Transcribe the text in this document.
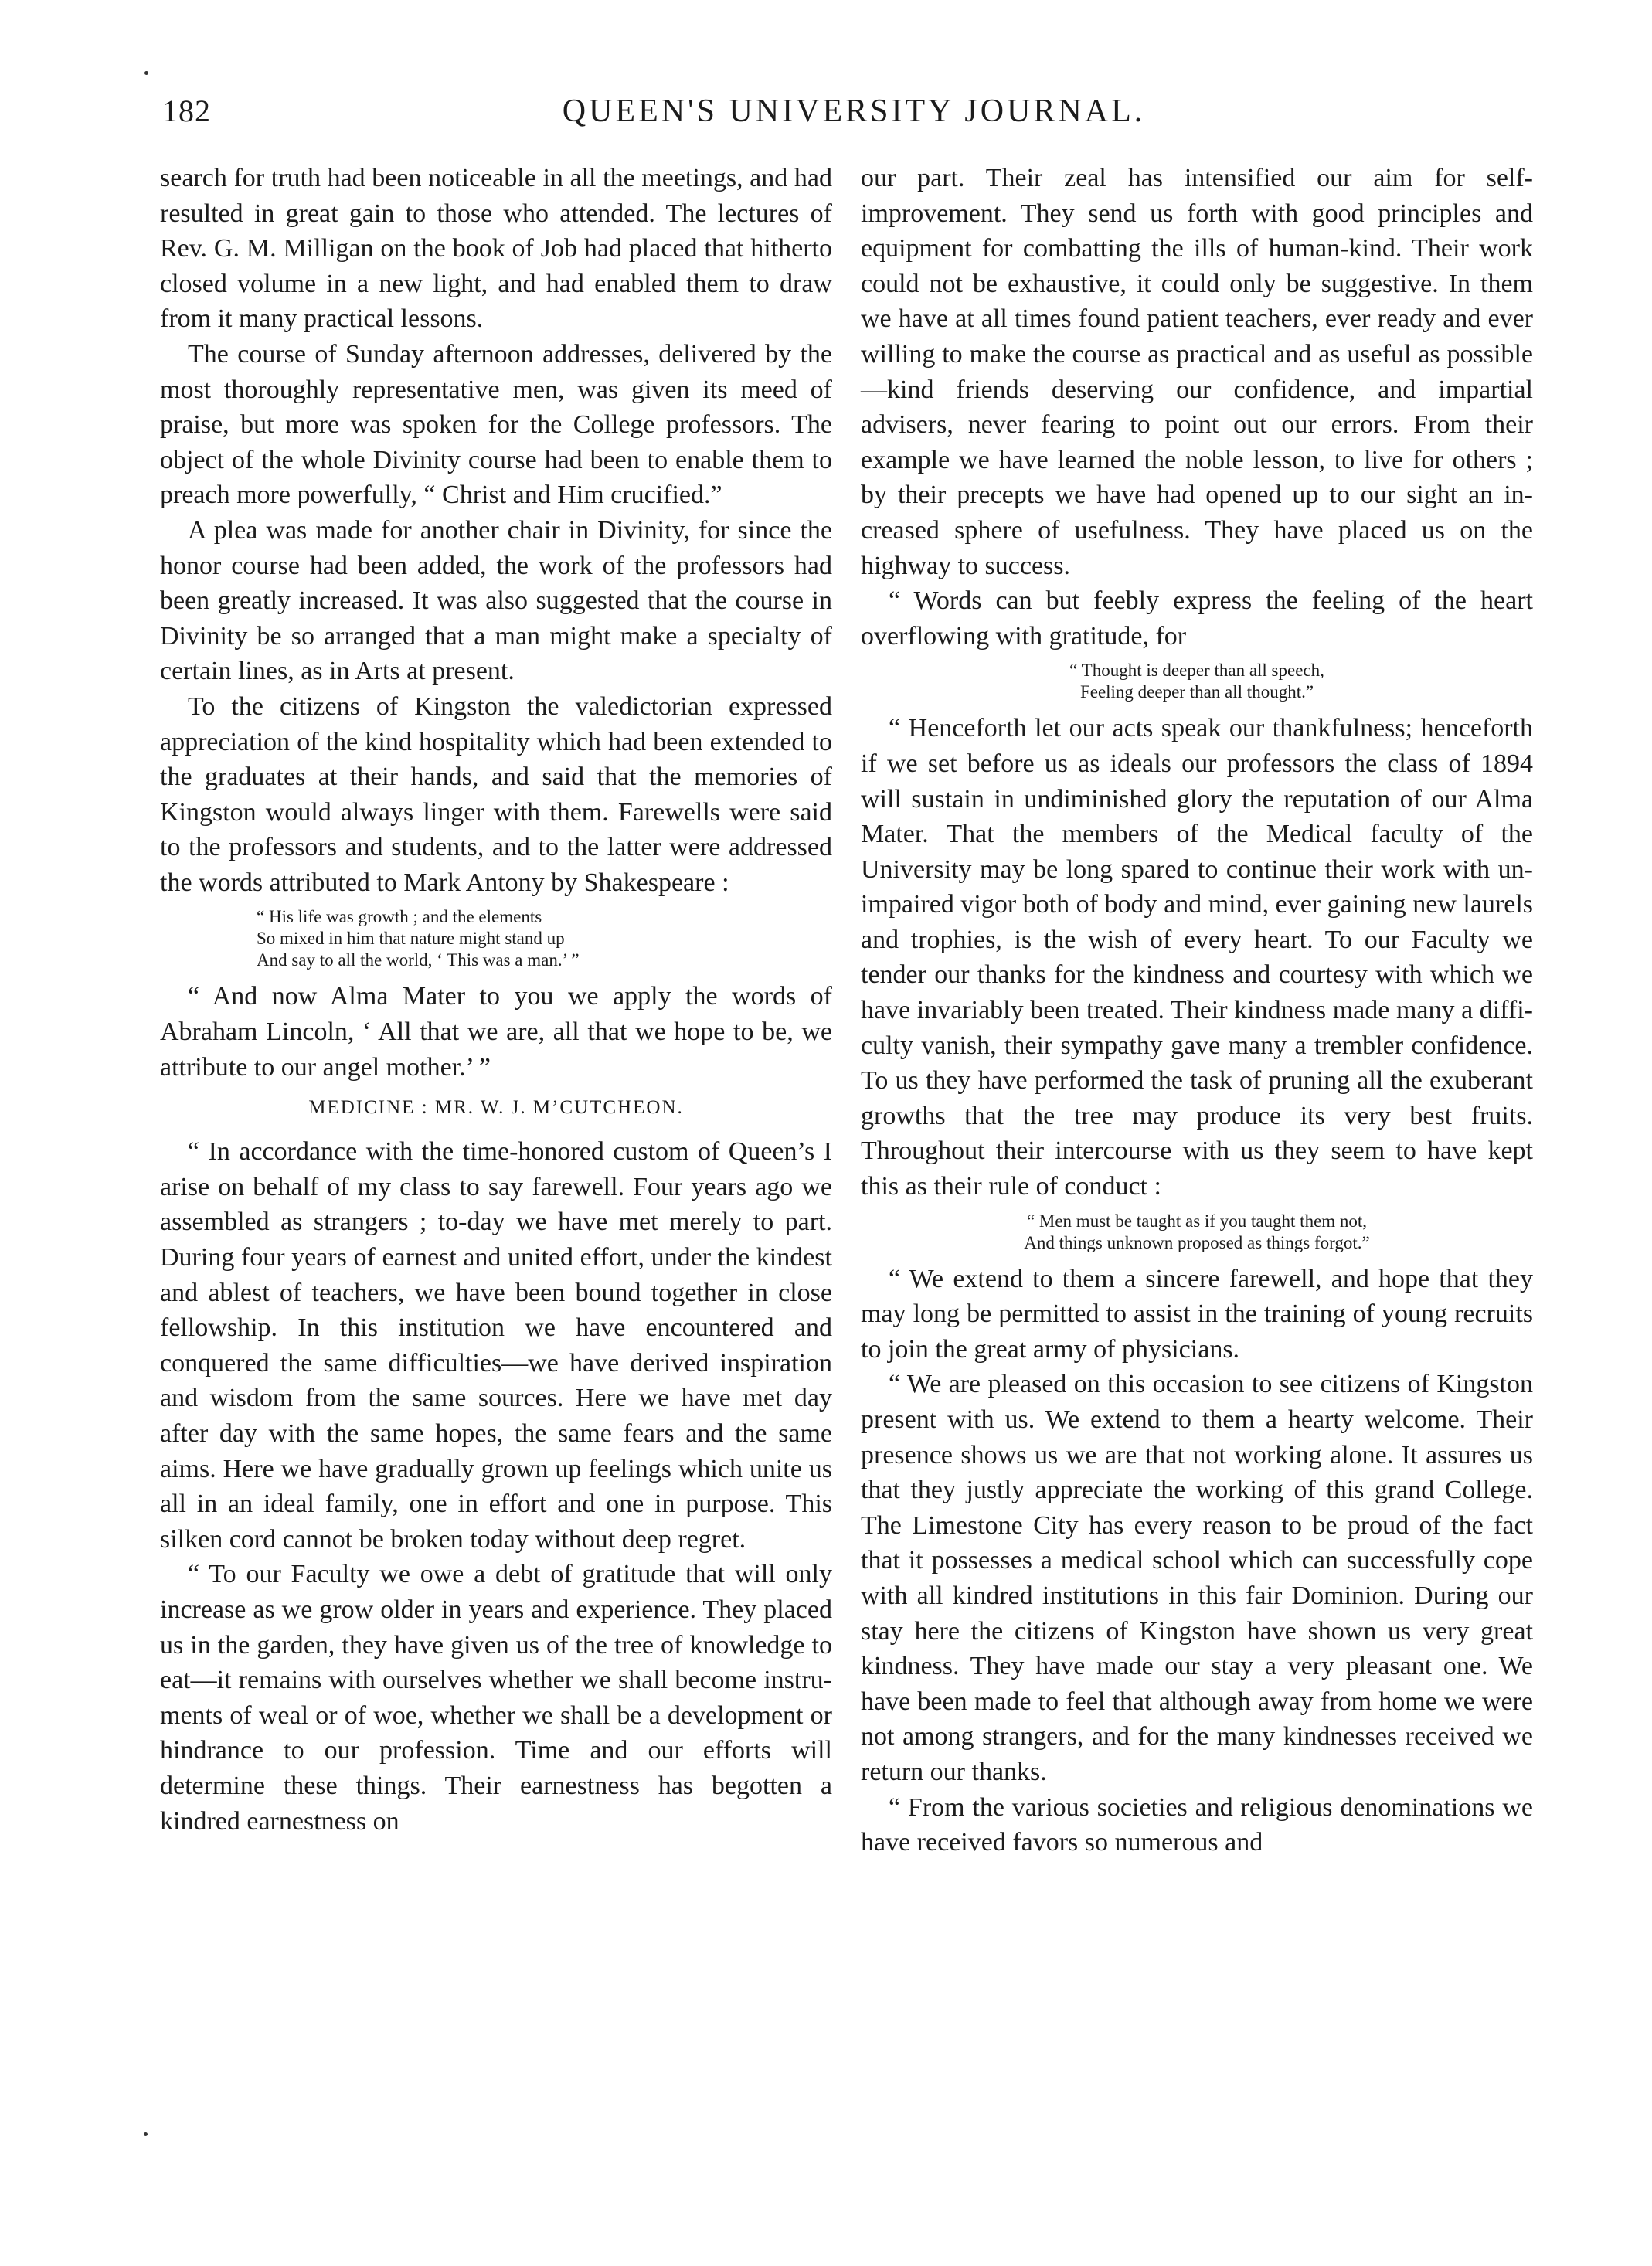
182	QUEEN'S UNIVERSITY JOURNAL.

search for truth had been noticeable in all the meetings, and had resulted in great gain to those who attended. The lectures of Rev. G. M. Milligan on the book of Job had placed that hitherto closed volume in a new light, and had enabled them to draw from it many practical lessons.

The course of Sunday afternoon addresses, delivered by the most thoroughly representative men, was given its meed of praise, but more was spoken for the College professors. The object of the whole Divinity course had been to enable them to preach more powerfully, “ Christ and Him crucified.”

A plea was made for another chair in Divinity, for since the honor course had been added, the work of the professors had been greatly increased. It was also suggested that the course in Divinity be so arranged that a man might make a specialty of certain lines, as in Arts at present.

To the citizens of Kingston the valedictorian expressed appreciation of the kind hospitality which had been extended to the graduates at their hands, and said that the memories of Kingston would always linger with them. Farewells were said to the professors and students, and to the latter were addressed the words attributed to Mark Antony by Shakespeare :

“ His life was growth ; and the elements
So mixed in him that nature might stand up
And say to all the world, ‘ This was a man.’ ”

“ And now Alma Mater to you we apply the words of Abraham Lincoln, ‘ All that we are, all that we hope to be, we attribute to our angel mother.’ ”

MEDICINE : MR. W. J. M’CUTCHEON.

“ In accordance with the time-honored custom of Queen’s I arise on behalf of my class to say farewell. Four years ago we assembled as strangers ; to-day we have met merely to part. During four years of earnest and united effort, under the kindest and ablest of teachers, we have been bound together in close fellowship. In this institution we have encountered and conquered the same difficulties—we have derived inspiration and wisdom from the same sources. Here we have met day after day with the same hopes, the same fears and the same aims. Here we have gradually grown up feelings which unite us all in an ideal family, one in effort and one in purpose. This silken cord cannot be broken today without deep regret.

“ To our Faculty we owe a debt of gratitude that will only increase as we grow older in years and experience. They placed us in the garden, they have given us of the tree of knowledge to eat—it remains with ourselves whether we shall become instruments of weal or of woe, whether we shall be a development or hindrance to our profession. Time and our efforts will determine these things. Their earnestness has begotten a kindred earnestness on

our part. Their zeal has intensified our aim for self-improvement. They send us forth with good principles and equipment for combatting the ills of human-kind. Their work could not be exhaustive, it could only be suggestive. In them we have at all times found patient teachers, ever ready and ever willing to make the course as practical and as useful as possible—kind friends deserving our confidence, and impartial advisers, never fearing to point out our errors. From their example we have learned the noble lesson, to live for others ; by their precepts we have had opened up to our sight an increased sphere of usefulness. They have placed us on the highway to success.

“ Words can but feebly express the feeling of the heart overflowing with gratitude, for

“ Thought is deeper than all speech,
Feeling deeper than all thought.”

“ Henceforth let our acts speak our thankfulness; henceforth if we set before us as ideals our professors the class of 1894 will sustain in undiminished glory the reputation of our Alma Mater. That the members of the Medical faculty of the University may be long spared to continue their work with unimpaired vigor both of body and mind, ever gaining new laurels and trophies, is the wish of every heart. To our Faculty we tender our thanks for the kindness and courtesy with which we have invariably been treated. Their kindness made many a difficulty vanish, their sympathy gave many a trembler confidence. To us they have performed the task of pruning all the exuberant growths that the tree may produce its very best fruits. Throughout their intercourse with us they seem to have kept this as their rule of conduct :

“ Men must be taught as if you taught them not,
And things unknown proposed as things forgot.”

“ We extend to them a sincere farewell, and hope that they may long be permitted to assist in the training of young recruits to join the great army of physicians.

“ We are pleased on this occasion to see citizens of Kingston present with us. We extend to them a hearty welcome. Their presence shows us we are that not working alone. It assures us that they justly appreciate the working of this grand College. The Limestone City has every reason to be proud of the fact that it possesses a medical school which can successfully cope with all kindred institutions in this fair Dominion. During our stay here the citizens of Kingston have shown us very great kindness. They have made our stay a very pleasant one. We have been made to feel that although away from home we were not among strangers, and for the many kindnesses received we return our thanks.

“ From the various societies and religious denominations we have received favors so numerous and
